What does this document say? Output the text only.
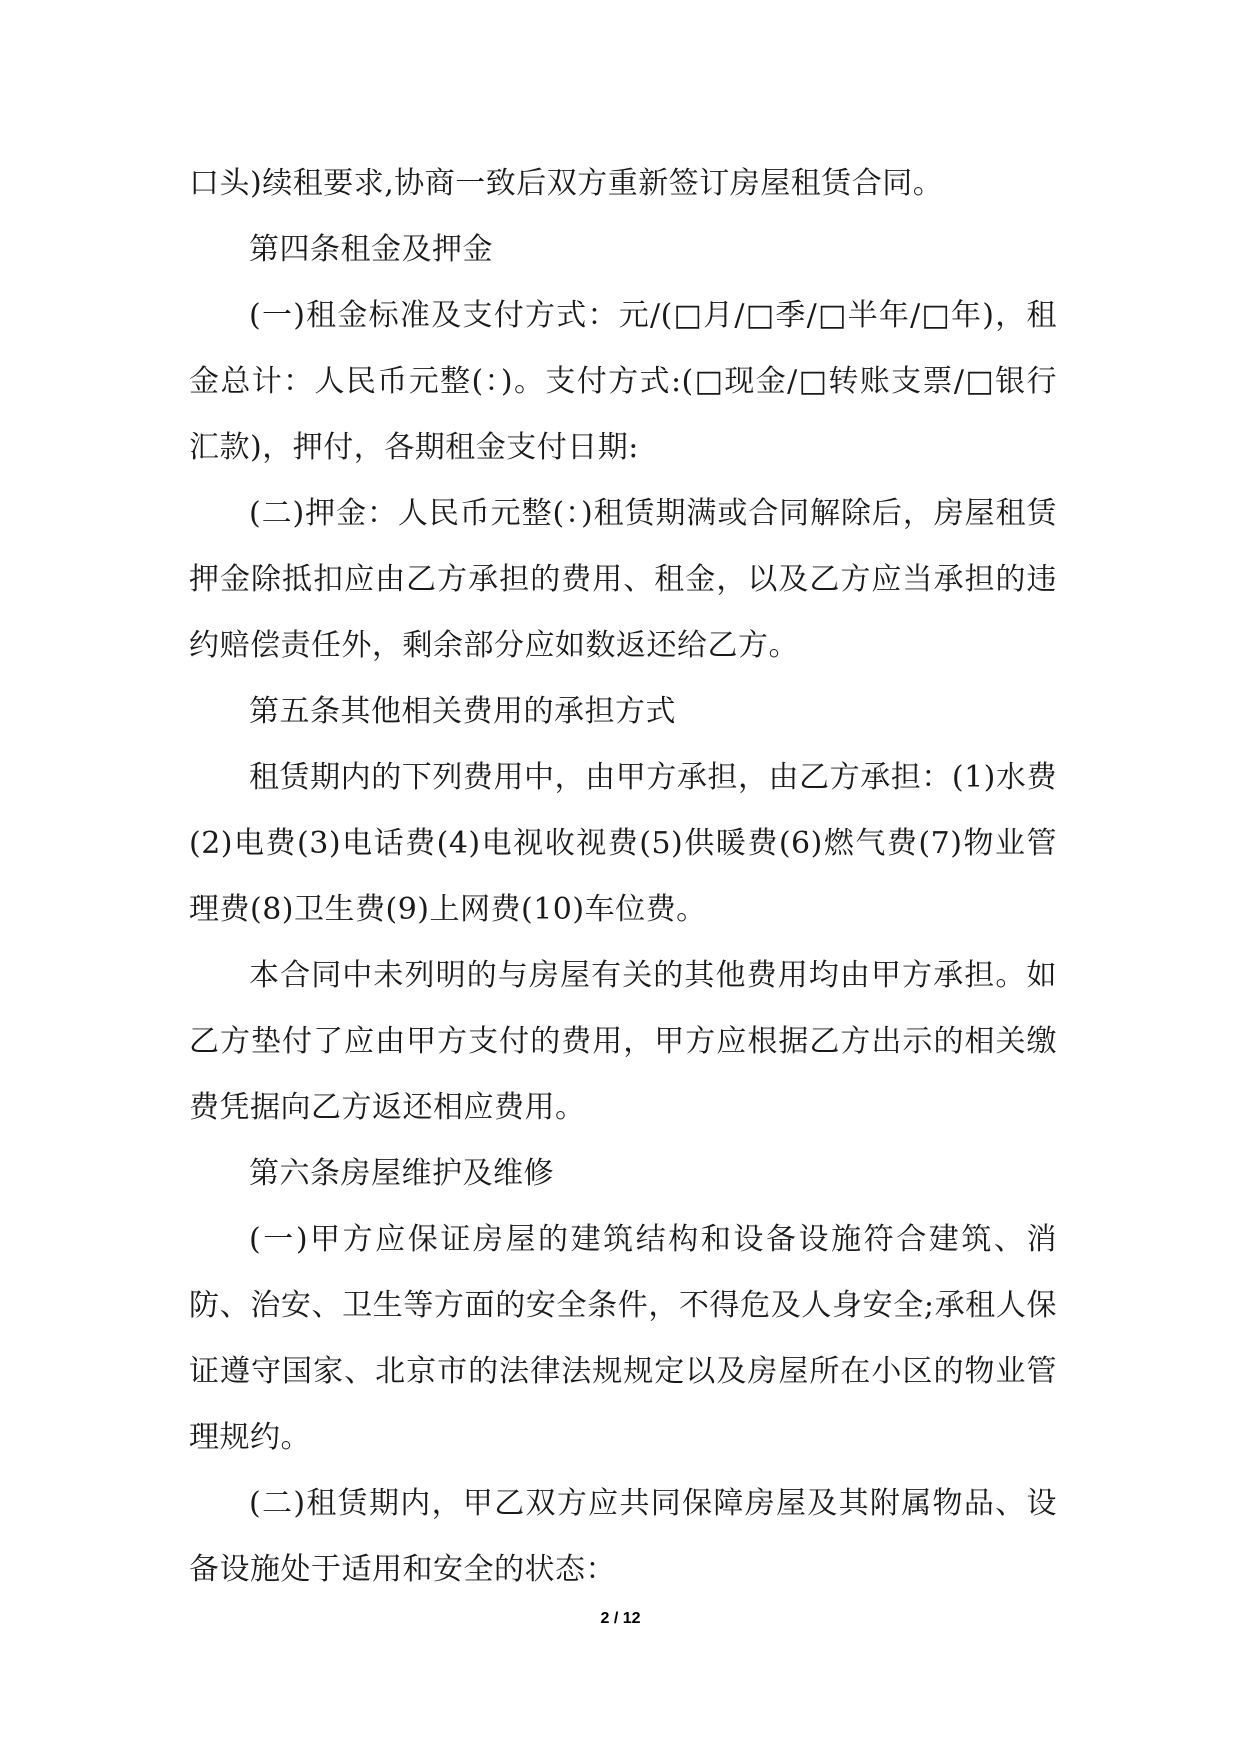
口头)续租要求,协商一致后双方重新签订房屋租赁合同。

第四条租金及押金

(一)租金标准及支付方式：元/(□月/□季/□半年/□年)，租金总计：人民币元整(：)。支付方式:(□现金/□转账支票/□银行汇款)，押付，各期租金支付日期:

(二)押金：人民币元整(：)租赁期满或合同解除后，房屋租赁押金除抵扣应由乙方承担的费用、租金，以及乙方应当承担的违约赔偿责任外，剩余部分应如数返还给乙方。

第五条其他相关费用的承担方式

租赁期内的下列费用中，由甲方承担，由乙方承担：(1)水费(2)电费(3)电话费(4)电视收视费(5)供暖费(6)燃气费(7)物业管理费(8)卫生费(9)上网费(10)车位费。

本合同中未列明的与房屋有关的其他费用均由甲方承担。如乙方垫付了应由甲方支付的费用，甲方应根据乙方出示的相关缴费凭据向乙方返还相应费用。

第六条房屋维护及维修

(一)甲方应保证房屋的建筑结构和设备设施符合建筑、消防、治安、卫生等方面的安全条件，不得危及人身安全;承租人保证遵守国家、北京市的法律法规规定以及房屋所在小区的物业管理规约。

(二)租赁期内，甲乙双方应共同保障房屋及其附属物品、设备设施处于适用和安全的状态：

2 / 12
